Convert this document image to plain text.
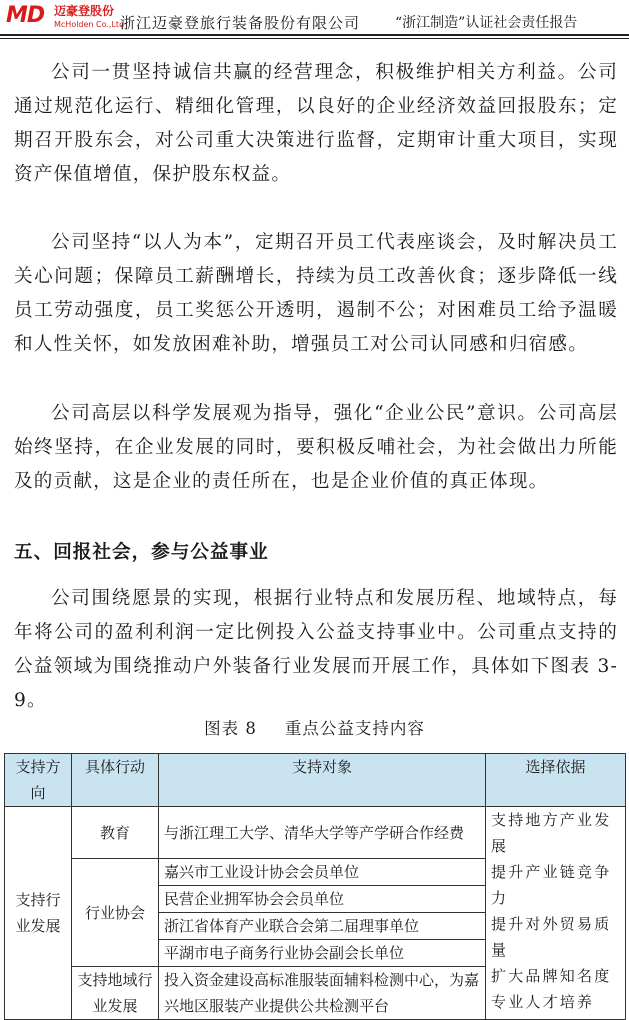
MD 迈豪登股份
McHolden Co.,Ltd
浙江迈豪登旅行装备股份有限公司 “浙江制造”认证社会责任报告

公司一贯坚持诚信共赢的经营理念，积极维护相关方利益。公司通过规范化运行、精细化管理，以良好的企业经济效益回报股东；定期召开股东会，对公司重大决策进行监督，定期审计重大项目，实现资产保值增值，保护股东权益。

公司坚持“以人为本”，定期召开员工代表座谈会，及时解决员工关心问题；保障员工薪酬增长，持续为员工改善伙食；逐步降低一线员工劳动强度，员工奖惩公开透明，遏制不公；对困难员工给予温暖和人性关怀，如发放困难补助，增强员工对公司认同感和归宿感。

公司高层以科学发展观为指导，强化“企业公民”意识。公司高层始终坚持，在企业发展的同时，要积极反哺社会，为社会做出力所能及的贡献，这是企业的责任所在，也是企业价值的真正体现。

五、回报社会，参与公益事业

公司围绕愿景的实现，根据行业特点和发展历程、地域特点，每年将公司的盈利利润一定比例投入公益支持事业中。公司重点支持的公益领域为围绕推动户外装备行业发展而开展工作，具体如下图表 3-9。

图表 8 重点公益支持内容
支持方向	具体行动	支持对象	选择依据
支持行业发展	教育	与浙江理工大学、清华大学等产学研合作经费	支持地方产业发展
提升产业链竞争力
提升对外贸易质量
扩大品牌知名度
专业人才培养

	行业协会	嘉兴市工业设计协会会员单位	
		民营企业拥军协会会员单位	
		浙江省体育产业联合会第二届理事单位	
		平湖市电子商务行业协会副会长单位	
	支持地域行业发展	投入资金建设高标准服装面辅料检测中心，为嘉兴地区服装产业提供公共检测平台	
